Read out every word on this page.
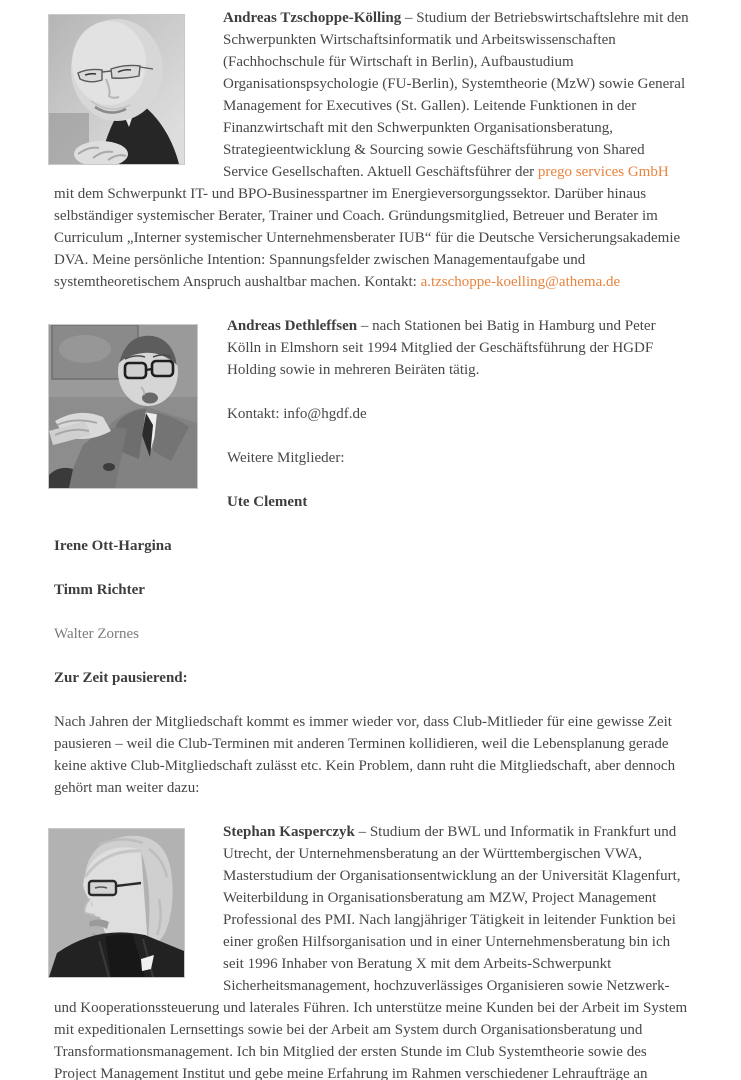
Andreas Tzschoppe-Kölling – Studium der Betriebswirtschaftslehre mit den Schwerpunkten Wirtschaftsinformatik und Arbeitswissenschaften (Fachhochschule für Wirtschaft in Berlin), Aufbaustudium Organisationspsychologie (FU-Berlin), Systemtheorie (MzW) sowie General Management for Executives (St. Gallen). Leitende Funktionen in der Finanzwirtschaft mit den Schwerpunkten Organisationsberatung, Strategieentwicklung & Sourcing sowie Geschäftsführung von Shared Service Gesellschaften. Aktuell Geschäftsführer der prego services GmbH mit dem Schwerpunkt IT- und BPO-Businesspartner im Energieversorgungssektor. Darüber hinaus selbständiger systemischer Berater, Trainer und Coach. Gründungsmitglied, Betreuer und Berater im Curriculum „Interner systemischer Unternehmensberater IUB“ für die Deutsche Versicherungsakademie DVA. Meine persönliche Intention: Spannungsfelder zwischen Managementaufgabe und systemtheoretischem Anspruch aushaltbar machen. Kontakt: a.tzschoppe-koelling@athema.de

Andreas Dethleffsen – nach Stationen bei Batig in Hamburg und Peter Kölln in Elmshorn seit 1994 Mitglied der Geschäftsführung der HGDF Holding sowie in mehreren Beiräten tätig.

Kontakt: info@hgdf.de

Weitere Mitglieder:

Ute Clement

Irene Ott-Hargina

Timm Richter

Walter Zornes

Zur Zeit pausierend:

Nach Jahren der Mitgliedschaft kommt es immer wieder vor, dass Club-Mitlieder für eine gewisse Zeit pausieren – weil die Club-Terminen mit anderen Terminen kollidieren, weil die Lebensplanung gerade keine aktive Club-Mitgliedschaft zulässt etc. Kein Problem, dann ruht die Mitgliedschaft, aber dennoch gehört man weiter dazu:

Stephan Kasperczyk – Studium der BWL und Informatik in Frankfurt und Utrecht, der Unternehmensberatung an der Württembergischen VWA, Masterstudium der Organisationsentwicklung an der Universität Klagenfurt, Weiterbildung in Organisationsberatung am MZW, Project Management Professional des PMI. Nach langjähriger Tätigkeit in leitender Funktion bei einer großen Hilfsorganisation und in einer Unternehmensberatung bin ich seit 1996 Inhaber von Beratung X mit dem Arbeits-Schwerpunkt Sicherheitsmanagement, hochzuverlässiges Organisieren sowie Netzwerk- und Kooperationssteuerung und laterales Führen. Ich unterstütze meine Kunden bei der Arbeit im System mit expeditionalen Lernsettings sowie bei der Arbeit am System durch Organisationsberatung und Transformationsmanagement. Ich bin Mitglied der ersten Stunde im Club Systemtheorie sowie des Project Management Institut und gebe meine Erfahrung im Rahmen verschiedener Lehraufträge an
